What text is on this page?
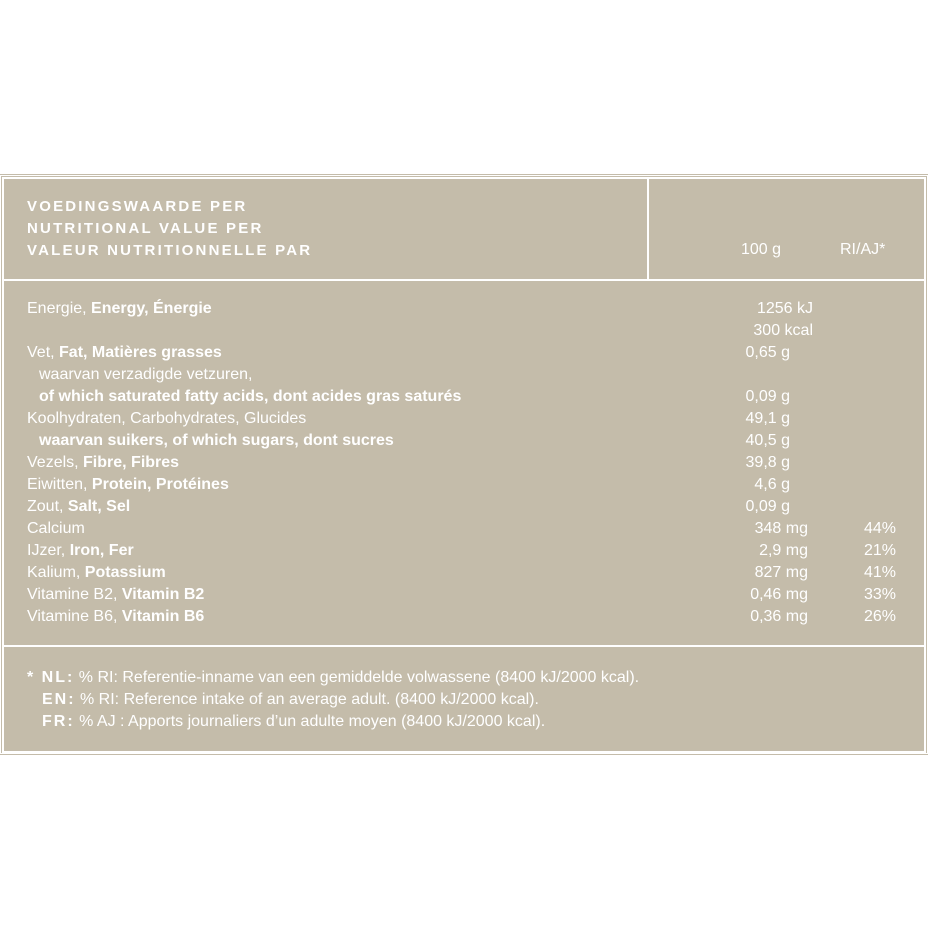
VOEDINGSWAARDE PER
NUTRITIONAL VALUE PER
VALEUR NUTRITIONNELLE PAR	100 g	RI/AJ*
Energie, Energy, Énergie	1256 kJ
300 kcal
Vet, Fat, Matières grasses	0,65 g
waarvan verzadigde vetzuren,
of which saturated fatty acids, dont acides gras saturés	0,09 g
Koolhydraten, Carbohydrates, Glucides	49,1 g
waarvan suikers, of which sugars, dont sucres	40,5 g
Vezels, Fibre, Fibres	39,8 g
Eiwitten, Protein, Protéines	4,6 g
Zout, Salt, Sel	0,09 g
Calcium	348 mg	44%
IJzer, Iron, Fer	2,9 mg	21%
Kalium, Potassium	827 mg	41%
Vitamine B2, Vitamin B2	0,46 mg	33%
Vitamine B6, Vitamin B6	0,36 mg	26%
* NL: % RI: Referentie-inname van een gemiddelde volwassene (8400 kJ/2000 kcal).
EN: % RI: Reference intake of an average adult. (8400 kJ/2000 kcal).
FR: % AJ : Apports journaliers d’un adulte moyen (8400 kJ/2000 kcal).
